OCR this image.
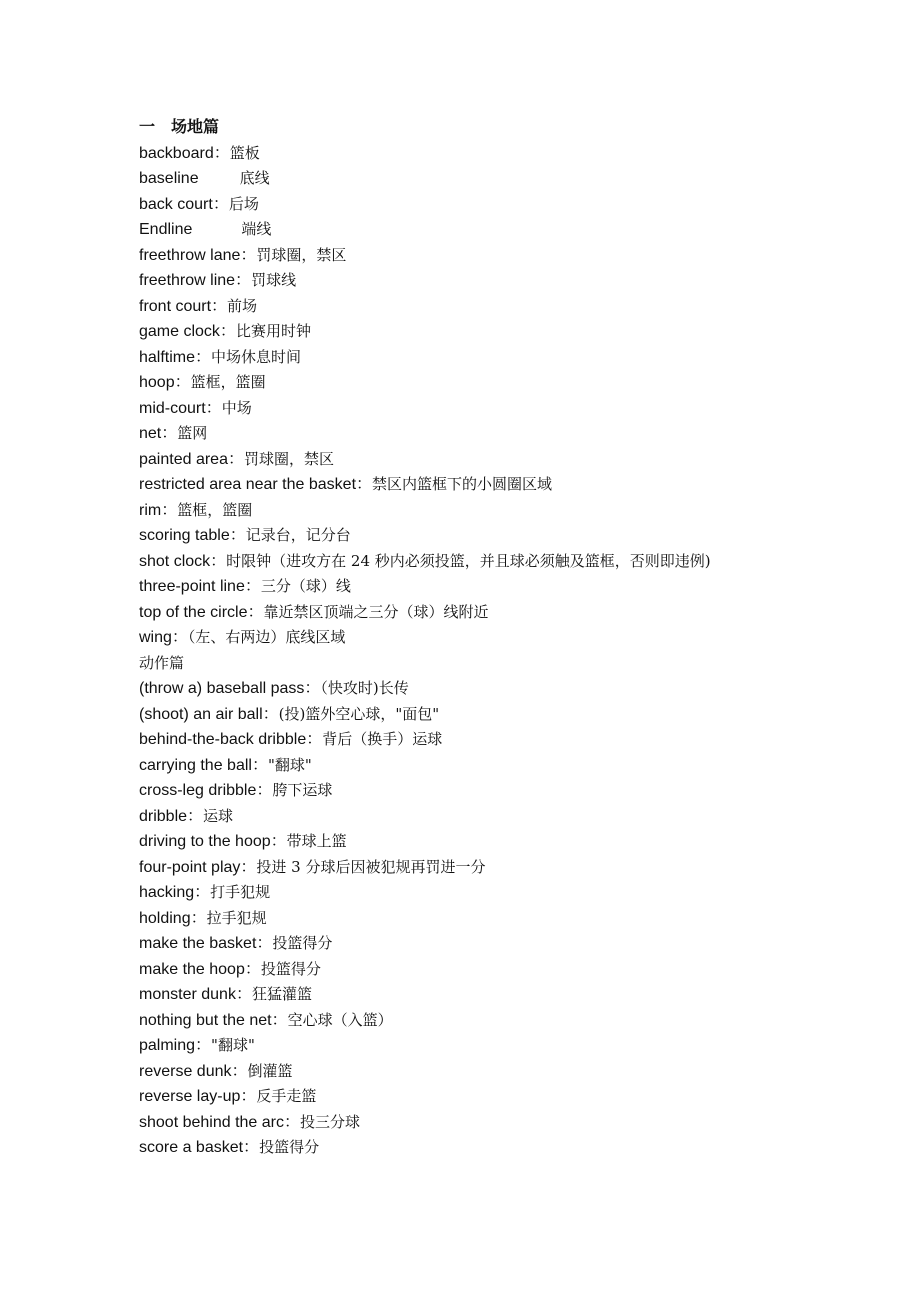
一　场地篇
backboard：篮板
baseline	底线
back court：后场
Endline	端线
freethrow lane：罚球圈，禁区
freethrow line：罚球线
front court：前场
game clock：比赛用时钟
halftime：中场休息时间
hoop：篮框，篮圈
mid-court：中场
net：篮网
painted area：罚球圈，禁区
restricted area near the basket：禁区内篮框下的小圆圈区域
rim：篮框，篮圈
scoring table：记录台，记分台
shot clock：时限钟（进攻方在 24 秒内必须投篮，并且球必须触及篮框，否则即违例)
three-point line：三分（球）线
top of the circle：靠近禁区顶端之三分（球）线附近
wing：（左、右两边）底线区域
动作篇
(throw a) baseball pass：（快攻时)长传
(shoot) an air ball：(投)篮外空心球，"面包"
behind-the-back dribble：背后（换手）运球
carrying the ball："翻球"
cross-leg dribble：胯下运球
dribble：运球
driving to the hoop：带球上篮
four-point play：投进 3 分球后因被犯规再罚进一分
hacking：打手犯规
holding：拉手犯规
make the basket：投篮得分
make the hoop：投篮得分
monster dunk：狂猛灌篮
nothing but the net：空心球（入篮）
palming："翻球"
reverse dunk：倒灌篮
reverse lay-up：反手走篮
shoot behind the arc：投三分球
score a basket：投篮得分
